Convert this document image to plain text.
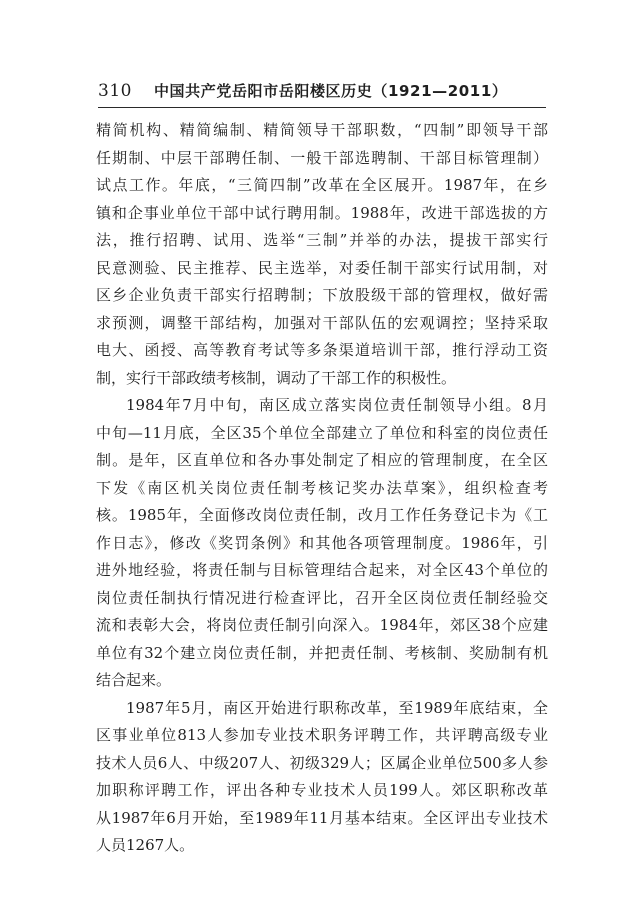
310 中国共产党岳阳市岳阳楼区历史（1921—2011）
精简机构、精简编制、精简领导干部职数，“四制”即领导干部
任期制、中层干部聘任制、一般干部选聘制、干部目标管理制）
试点工作。年底，“三简四制”改革在全区展开。1987年，在乡
镇和企事业单位干部中试行聘用制。1988年，改进干部选拔的方
法，推行招聘、试用、选举“三制”并举的办法，提拔干部实行
民意测验、民主推荐、民主选举，对委任制干部实行试用制，对
区乡企业负责干部实行招聘制；下放股级干部的管理权，做好需
求预测，调整干部结构，加强对干部队伍的宏观调控；坚持采取
电大、函授、高等教育考试等多条渠道培训干部，推行浮动工资
制，实行干部政绩考核制，调动了干部工作的积极性。
1984年7月中旬，南区成立落实岗位责任制领导小组。8月
中旬—11月底，全区35个单位全部建立了单位和科室的岗位责任
制。是年，区直单位和各办事处制定了相应的管理制度，在全区
下发《南区机关岗位责任制考核记奖办法草案》，组织检查考
核。1985年，全面修改岗位责任制，改月工作任务登记卡为《工
作日志》，修改《奖罚条例》和其他各项管理制度。1986年，引
进外地经验，将责任制与目标管理结合起来，对全区43个单位的
岗位责任制执行情况进行检查评比，召开全区岗位责任制经验交
流和表彰大会，将岗位责任制引向深入。1984年，郊区38个应建
单位有32个建立岗位责任制，并把责任制、考核制、奖励制有机
结合起来。
1987年5月，南区开始进行职称改革，至1989年底结束，全
区事业单位813人参加专业技术职务评聘工作，共评聘高级专业
技术人员6人、中级207人、初级329人；区属企业单位500多人参
加职称评聘工作，评出各种专业技术人员199人。郊区职称改革
从1987年6月开始，至1989年11月基本结束。全区评出专业技术
人员1267人。
